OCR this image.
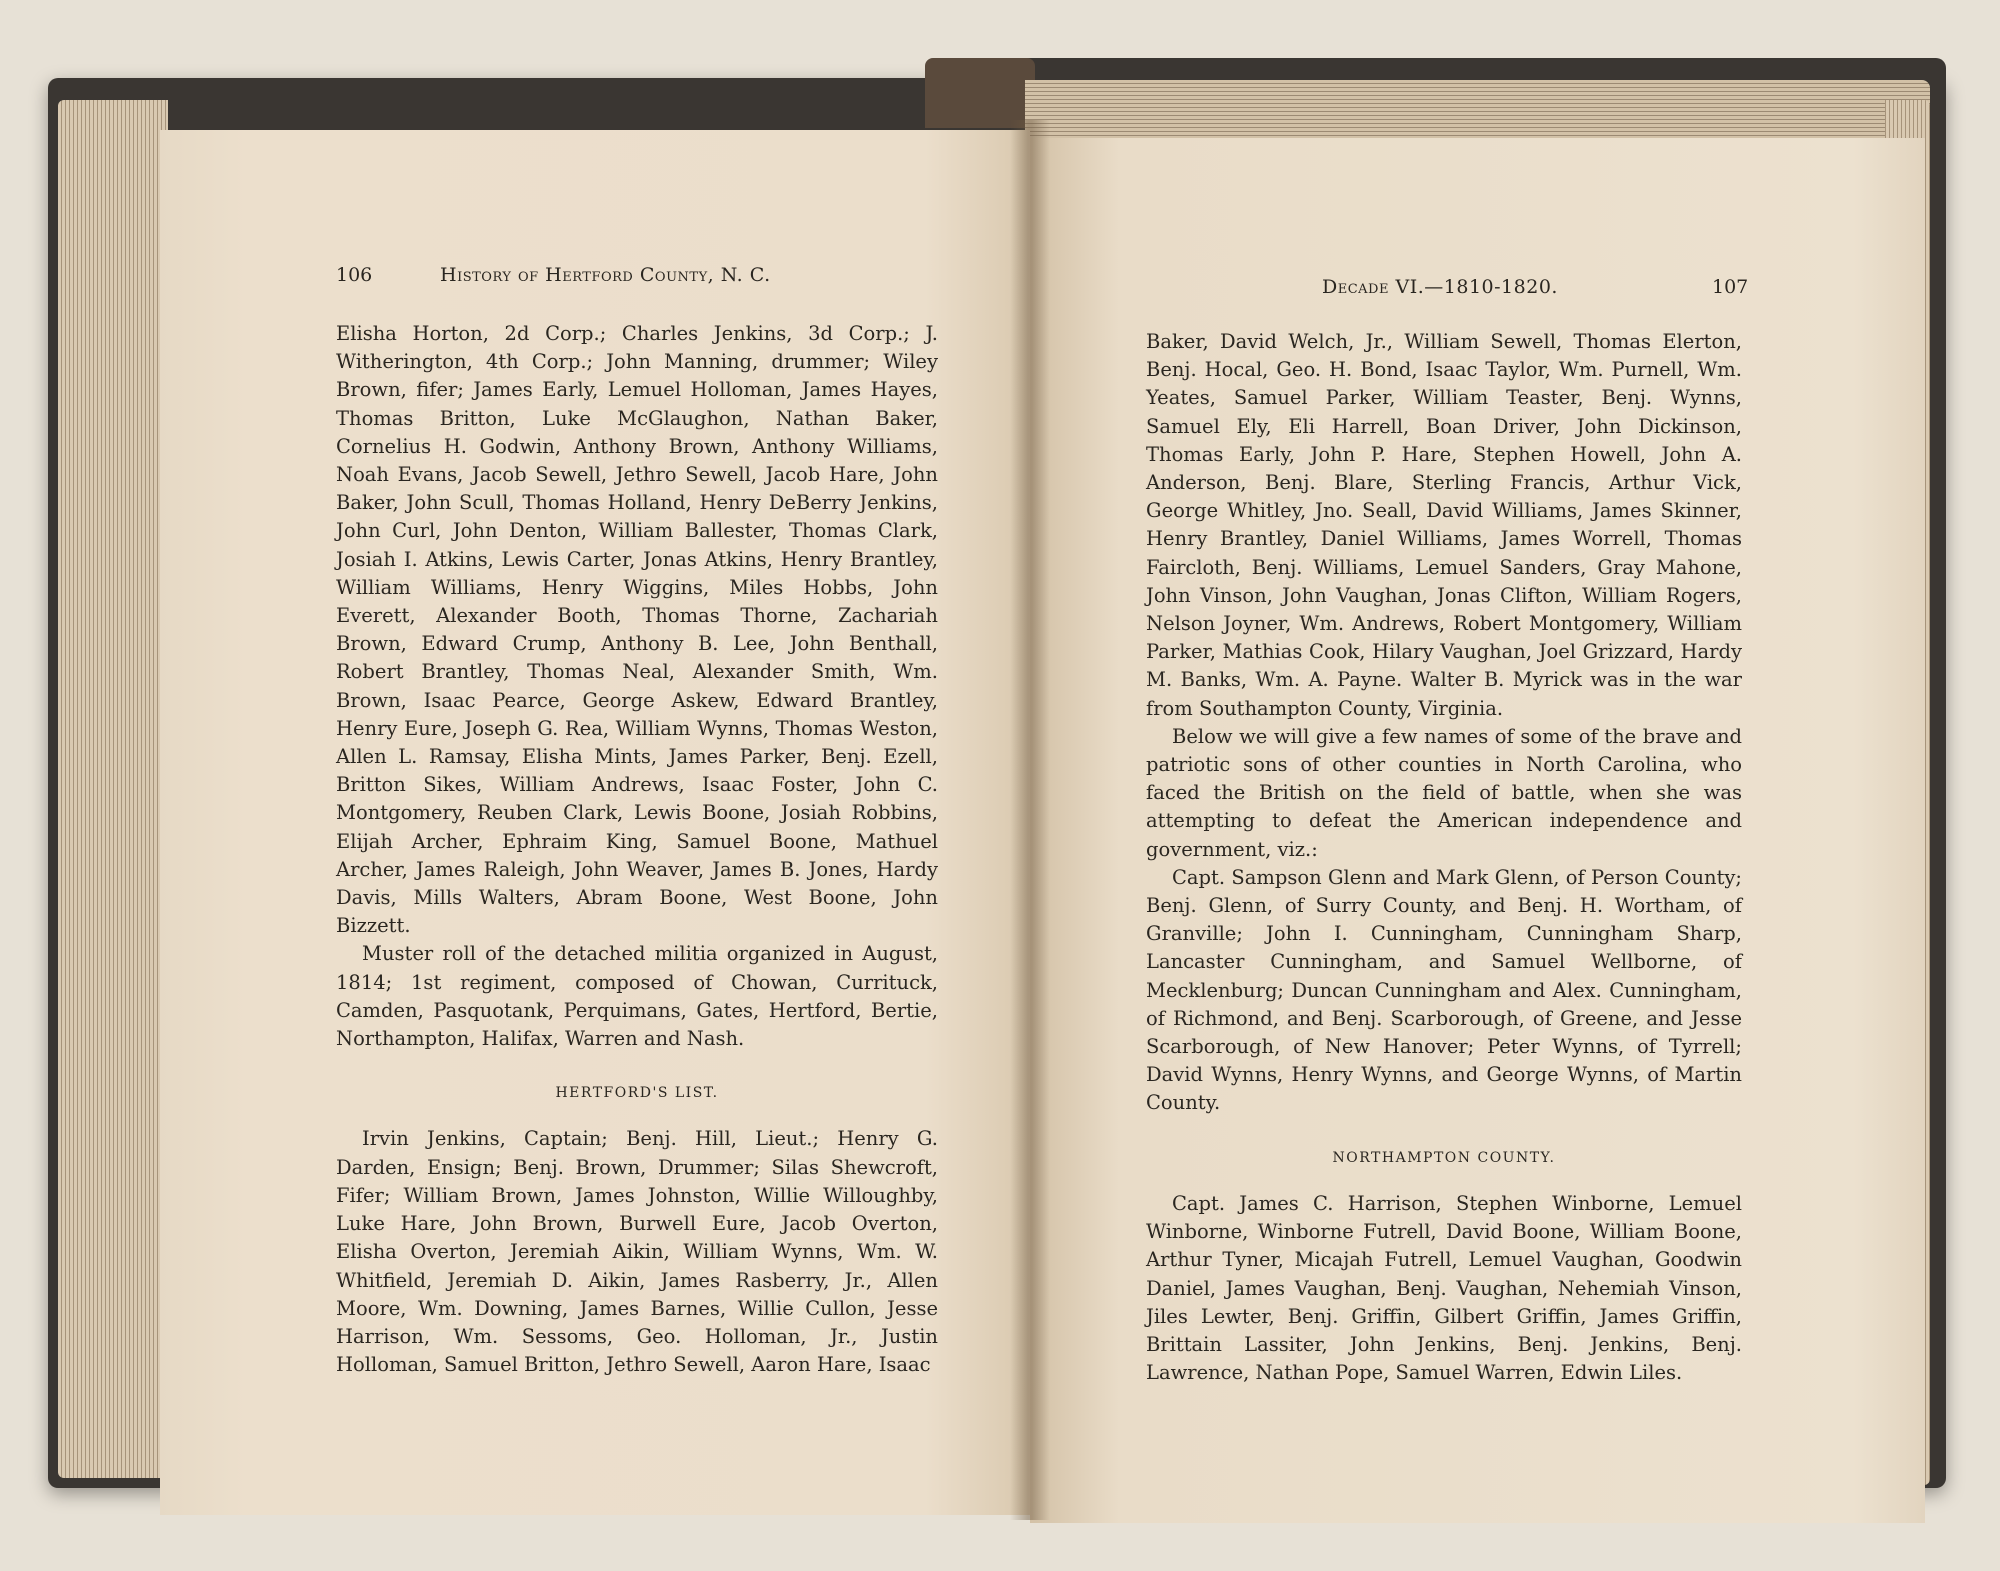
106	History of Hertford County, N. C.

Elisha Horton, 2d Corp.; Charles Jenkins, 3d Corp.; J. Witherington, 4th Corp.; John Manning, drummer; Wiley Brown, fifer; James Early, Lemuel Holloman, James Hayes, Thomas Britton, Luke McGlaughon, Nathan Baker, Cornelius H. Godwin, Anthony Brown, Anthony Williams, Noah Evans, Jacob Sewell, Jethro Sewell, Jacob Hare, John Baker, John Scull, Thomas Holland, Henry DeBerry Jenkins, John Curl, John Denton, William Ballester, Thomas Clark, Josiah I. Atkins, Lewis Carter, Jonas Atkins, Henry Brantley, William Williams, Henry Wiggins, Miles Hobbs, John Everett, Alexander Booth, Thomas Thorne, Zachariah Brown, Edward Crump, Anthony B. Lee, John Benthall, Robert Brantley, Thomas Neal, Alexander Smith, Wm. Brown, Isaac Pearce, George Askew, Edward Brantley, Henry Eure, Joseph G. Rea, William Wynns, Thomas Weston, Allen L. Ramsay, Elisha Mints, James Parker, Benj. Ezell, Britton Sikes, William Andrews, Isaac Foster, John C. Montgomery, Reuben Clark, Lewis Boone, Josiah Robbins, Elijah Archer, Ephraim King, Samuel Boone, Mathuel Archer, James Raleigh, John Weaver, James B. Jones, Hardy Davis, Mills Walters, Abram Boone, West Boone, John Bizzett.

Muster roll of the detached militia organized in August, 1814; 1st regiment, composed of Chowan, Currituck, Camden, Pasquotank, Perquimans, Gates, Hertford, Bertie, Northampton, Halifax, Warren and Nash.

HERTFORD'S LIST.

Irvin Jenkins, Captain; Benj. Hill, Lieut.; Henry G. Darden, Ensign; Benj. Brown, Drummer; Silas Shewcroft, Fifer; William Brown, James Johnston, Willie Willoughby, Luke Hare, John Brown, Burwell Eure, Jacob Overton, Elisha Overton, Jeremiah Aikin, William Wynns, Wm. W. Whitfield, Jeremiah D. Aikin, James Rasberry, Jr., Allen Moore, Wm. Downing, James Barnes, Willie Cullon, Jesse Harrison, Wm. Sessoms, Geo. Holloman, Jr., Justin Holloman, Samuel Britton, Jethro Sewell, Aaron Hare, Isaac

Decade VI.—1810-1820.	107

Baker, David Welch, Jr., William Sewell, Thomas Elerton, Benj. Hocal, Geo. H. Bond, Isaac Taylor, Wm. Purnell, Wm. Yeates, Samuel Parker, William Teaster, Benj. Wynns, Samuel Ely, Eli Harrell, Boan Driver, John Dickinson, Thomas Early, John P. Hare, Stephen Howell, John A. Anderson, Benj. Blare, Sterling Francis, Arthur Vick, George Whitley, Jno. Seall, David Williams, James Skinner, Henry Brantley, Daniel Williams, James Worrell, Thomas Faircloth, Benj. Williams, Lemuel Sanders, Gray Mahone, John Vinson, John Vaughan, Jonas Clifton, William Rogers, Nelson Joyner, Wm. Andrews, Robert Montgomery, William Parker, Mathias Cook, Hilary Vaughan, Joel Grizzard, Hardy M. Banks, Wm. A. Payne. Walter B. Myrick was in the war from Southampton County, Virginia.

Below we will give a few names of some of the brave and patriotic sons of other counties in North Carolina, who faced the British on the field of battle, when she was attempting to defeat the American independence and government, viz.:

Capt. Sampson Glenn and Mark Glenn, of Person County; Benj. Glenn, of Surry County, and Benj. H. Wortham, of Granville; John I. Cunningham, Cunningham Sharp, Lancaster Cunningham, and Samuel Wellborne, of Mecklenburg; Duncan Cunningham and Alex. Cunningham, of Richmond, and Benj. Scarborough, of Greene, and Jesse Scarborough, of New Hanover; Peter Wynns, of Tyrrell; David Wynns, Henry Wynns, and George Wynns, of Martin County.

NORTHAMPTON COUNTY.

Capt. James C. Harrison, Stephen Winborne, Lemuel Winborne, Winborne Futrell, David Boone, William Boone, Arthur Tyner, Micajah Futrell, Lemuel Vaughan, Goodwin Daniel, James Vaughan, Benj. Vaughan, Nehemiah Vinson, Jiles Lewter, Benj. Griffin, Gilbert Griffin, James Griffin, Brittain Lassiter, John Jenkins, Benj. Jenkins, Benj. Lawrence, Nathan Pope, Samuel Warren, Edwin Liles.
